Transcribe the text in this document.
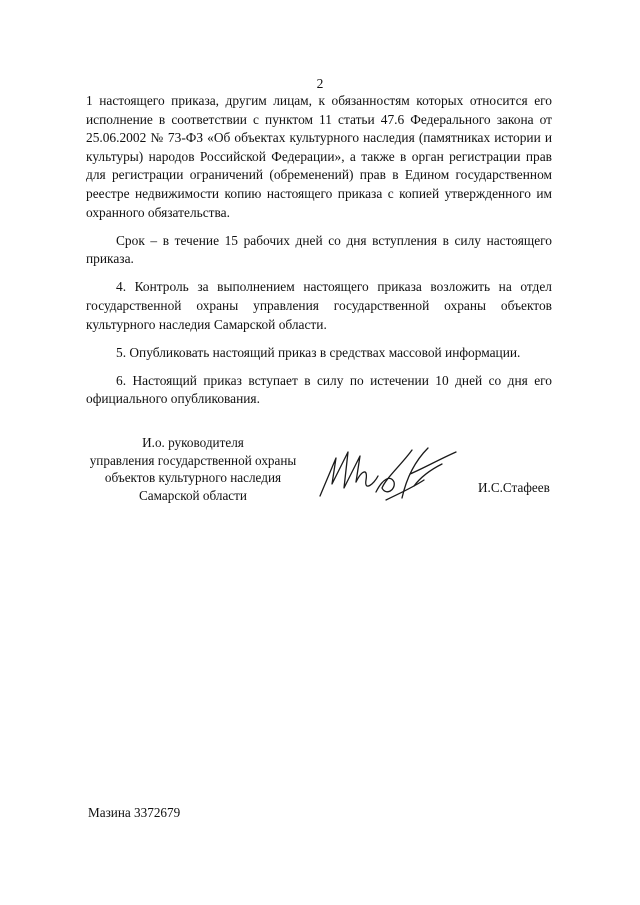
2

1 настоящего приказа, другим лицам, к обязанностям которых относится его исполнение в соответствии с пунктом 11 статьи 47.6 Федерального закона от 25.06.2002 № 73-ФЗ «Об объектах культурного наследия (памятниках истории и культуры) народов Российской Федерации», а также в орган регистрации прав для регистрации ограничений (обременений) прав в Едином государственном реестре недвижимости копию настоящего приказа с копией утвержденного им охранного обязательства.

Срок – в течение 15 рабочих дней со дня вступления в силу настоящего приказа.

4. Контроль за выполнением настоящего приказа возложить на отдел государственной охраны управления государственной охраны объектов культурного наследия Самарской области.

5. Опубликовать настоящий приказ в средствах массовой информации.

6. Настоящий приказ вступает в силу по истечении 10 дней со дня его официального опубликования.

И.о. руководителя
управления государственной охраны
объектов культурного наследия
Самарской области	И.С.Стафеев
Мазина 3372679
